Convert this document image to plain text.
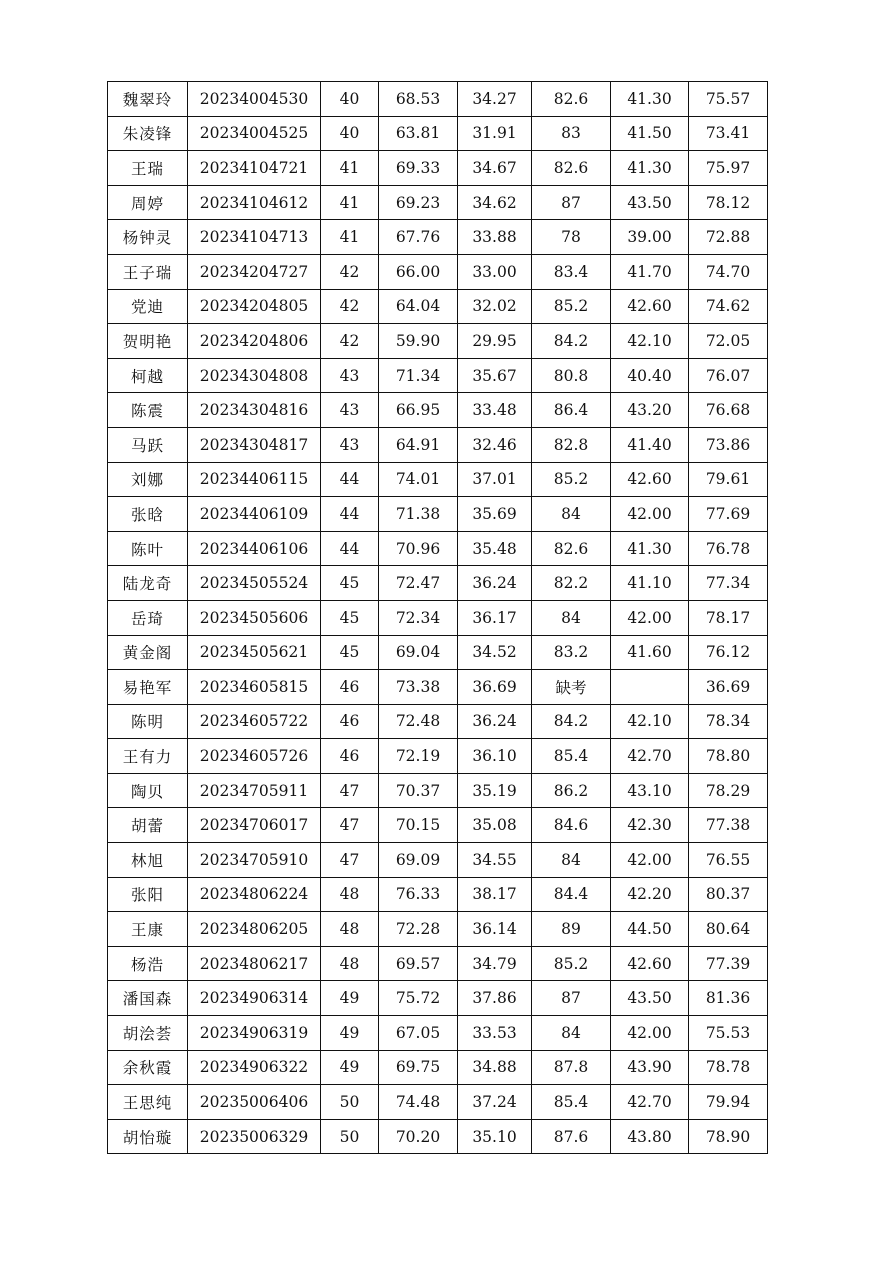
魏翠玲	20234004530	40	68.53	34.27	82.6	41.30	75.57
朱凌锋	20234004525	40	63.81	31.91	83	41.50	73.41
王瑞	20234104721	41	69.33	34.67	82.6	41.30	75.97
周婷	20234104612	41	69.23	34.62	87	43.50	78.12
杨钟灵	20234104713	41	67.76	33.88	78	39.00	72.88
王子瑞	20234204727	42	66.00	33.00	83.4	41.70	74.70
党迪	20234204805	42	64.04	32.02	85.2	42.60	74.62
贺明艳	20234204806	42	59.90	29.95	84.2	42.10	72.05
柯越	20234304808	43	71.34	35.67	80.8	40.40	76.07
陈震	20234304816	43	66.95	33.48	86.4	43.20	76.68
马跃	20234304817	43	64.91	32.46	82.8	41.40	73.86
刘娜	20234406115	44	74.01	37.01	85.2	42.60	79.61
张晗	20234406109	44	71.38	35.69	84	42.00	77.69
陈叶	20234406106	44	70.96	35.48	82.6	41.30	76.78
陆龙奇	20234505524	45	72.47	36.24	82.2	41.10	77.34
岳琦	20234505606	45	72.34	36.17	84	42.00	78.17
黄金阁	20234505621	45	69.04	34.52	83.2	41.60	76.12
易艳军	20234605815	46	73.38	36.69	缺考		36.69
陈明	20234605722	46	72.48	36.24	84.2	42.10	78.34
王有力	20234605726	46	72.19	36.10	85.4	42.70	78.80
陶贝	20234705911	47	70.37	35.19	86.2	43.10	78.29
胡蕾	20234706017	47	70.15	35.08	84.6	42.30	77.38
林旭	20234705910	47	69.09	34.55	84	42.00	76.55
张阳	20234806224	48	76.33	38.17	84.4	42.20	80.37
王康	20234806205	48	72.28	36.14	89	44.50	80.64
杨浩	20234806217	48	69.57	34.79	85.2	42.60	77.39
潘国森	20234906314	49	75.72	37.86	87	43.50	81.36
胡浍荟	20234906319	49	67.05	33.53	84	42.00	75.53
余秋霞	20234906322	49	69.75	34.88	87.8	43.90	78.78
王思纯	20235006406	50	74.48	37.24	85.4	42.70	79.94
胡怡璇	20235006329	50	70.20	35.10	87.6	43.80	78.90
